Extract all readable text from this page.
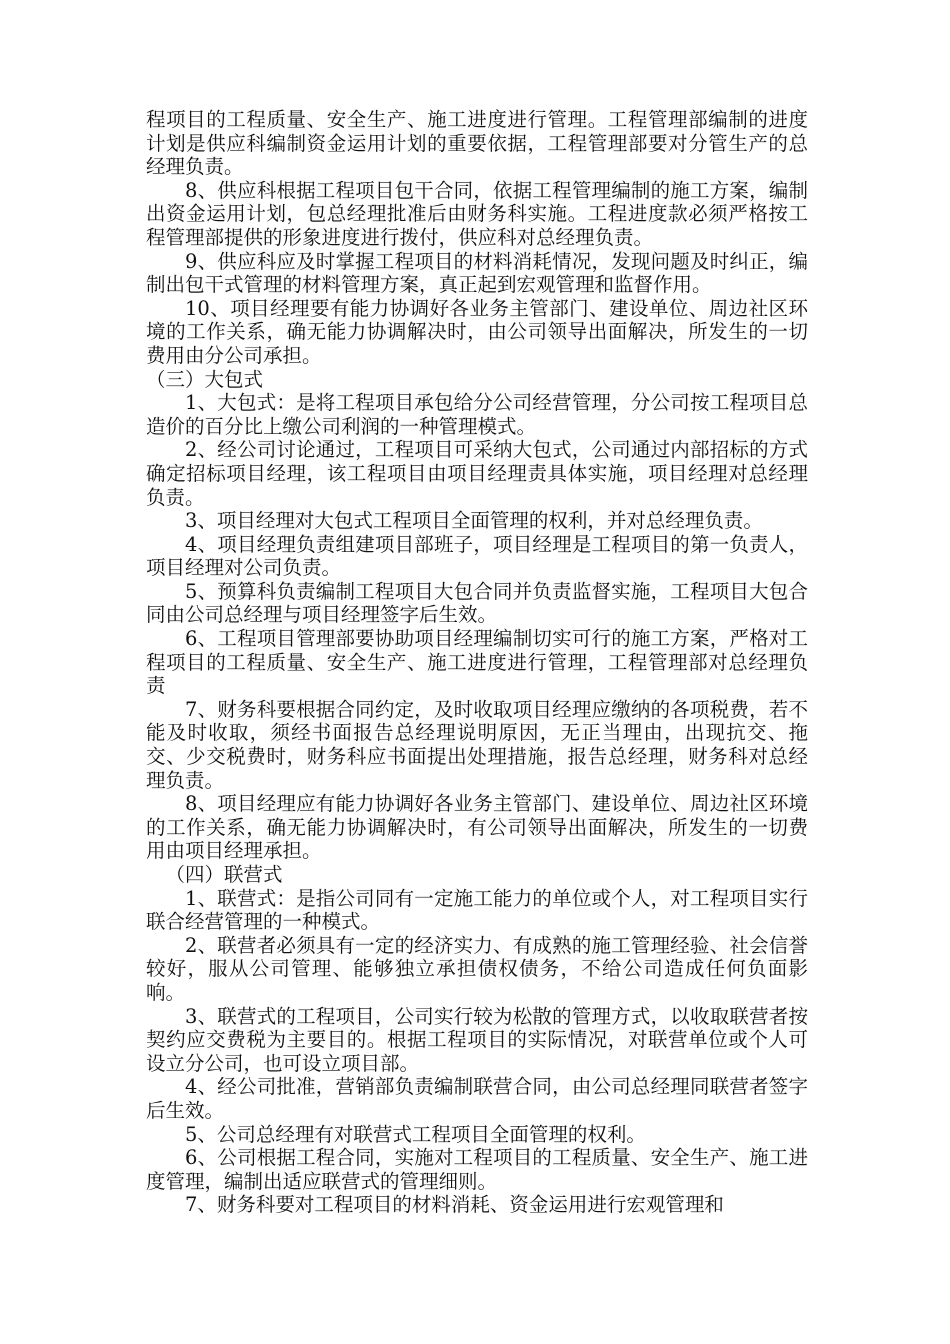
程项目的工程质量、安全生产、施工进度进行管理。工程管理部编制的进度计划是供应科编制资金运用计划的重要依据，工程管理部要对分管生产的总经理负责。

8、供应科根据工程项目包干合同，依据工程管理编制的施工方案，编制出资金运用计划，包总经理批准后由财务科实施。工程进度款必须严格按工程管理部提供的形象进度进行拨付，供应科对总经理负责。

9、供应科应及时掌握工程项目的材料消耗情况，发现问题及时纠正，编制出包干式管理的材料管理方案，真正起到宏观管理和监督作用。

10、项目经理要有能力协调好各业务主管部门、建设单位、周边社区环境的工作关系，确无能力协调解决时，由公司领导出面解决，所发生的一切费用由分公司承担。

（三）大包式

1、大包式：是将工程项目承包给分公司经营管理，分公司按工程项目总造价的百分比上缴公司利润的一种管理模式。

2、经公司讨论通过，工程项目可采纳大包式，公司通过内部招标的方式确定招标项目经理，该工程项目由项目经理责具体实施，项目经理对总经理负责。

3、项目经理对大包式工程项目全面管理的权利，并对总经理负责。

4、项目经理负责组建项目部班子，项目经理是工程项目的第一负责人，项目经理对公司负责。

5、预算科负责编制工程项目大包合同并负责监督实施，工程项目大包合同由公司总经理与项目经理签字后生效。

6、工程项目管理部要协助项目经理编制切实可行的施工方案，严格对工程项目的工程质量、安全生产、施工进度进行管理，工程管理部对总经理负责

7、财务科要根据合同约定，及时收取项目经理应缴纳的各项税费，若不能及时收取，须经书面报告总经理说明原因，无正当理由，出现抗交、拖交、少交税费时，财务科应书面提出处理措施，报告总经理，财务科对总经理负责。

8、项目经理应有能力协调好各业务主管部门、建设单位、周边社区环境的工作关系，确无能力协调解决时，有公司领导出面解决，所发生的一切费用由项目经理承担。

（四）联营式

1、联营式：是指公司同有一定施工能力的单位或个人，对工程项目实行联合经营管理的一种模式。

2、联营者必须具有一定的经济实力、有成熟的施工管理经验、社会信誉较好，服从公司管理、能够独立承担债权债务，不给公司造成任何负面影响。

3、联营式的工程项目，公司实行较为松散的管理方式，以收取联营者按契约应交费税为主要目的。根据工程项目的实际情况，对联营单位或个人可设立分公司，也可设立项目部。

4、经公司批准，营销部负责编制联营合同，由公司总经理同联营者签字后生效。

5、公司总经理有对联营式工程项目全面管理的权利。

6、公司根据工程合同，实施对工程项目的工程质量、安全生产、施工进度管理，编制出适应联营式的管理细则。

7、财务科要对工程项目的材料消耗、资金运用进行宏观管理和
